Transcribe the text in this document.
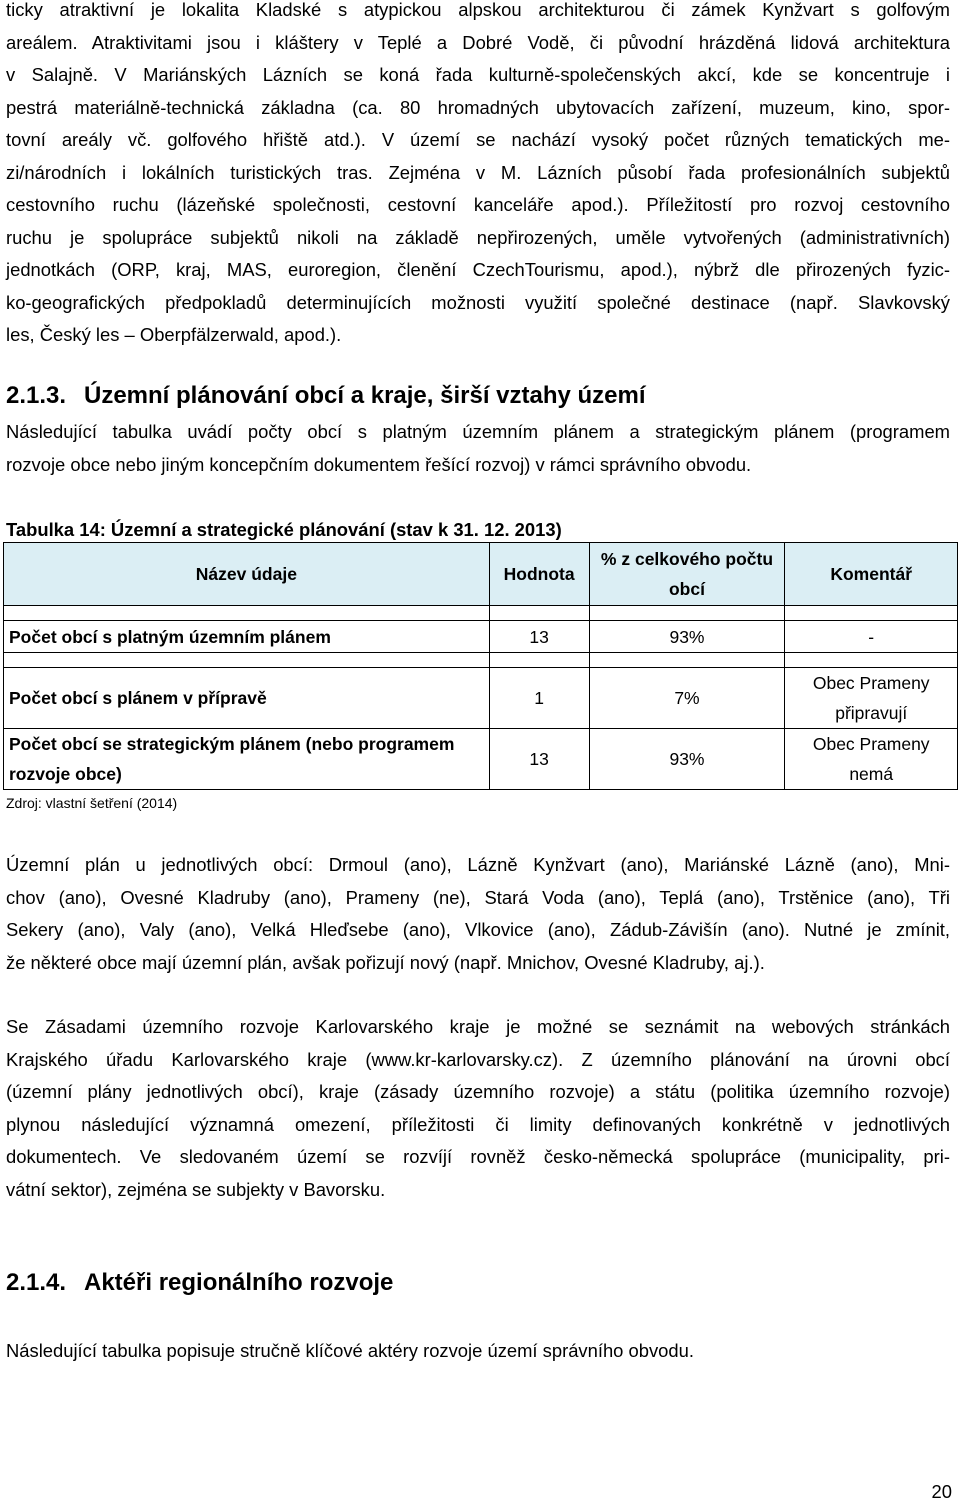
ticky atraktivní je lokalita Kladské s atypickou alpskou architekturou či zámek Kynžvart s golfovým
areálem. Atraktivitami jsou i kláštery v Teplé a Dobré Vodě, či původní hrázděná lidová architektura
v Salajně. V Mariánských Lázních se koná řada kulturně-společenských akcí, kde se koncentruje i
pestrá materiálně-technická základna (ca. 80 hromadných ubytovacích zařízení, muzeum, kino, spor-
tovní areály vč. golfového hřiště atd.). V území se nachází vysoký počet různých tematických me-
zi/národních i lokálních turistických tras. Zejména v M. Lázních působí řada profesionálních subjektů
cestovního ruchu (lázeňské společnosti, cestovní kanceláře apod.). Příležitostí pro rozvoj cestovního
ruchu je spolupráce subjektů nikoli na základě nepřirozených, uměle vytvořených (administrativních)
jednotkách (ORP, kraj, MAS, euroregion, členění CzechTourismu, apod.), nýbrž dle přirozených fyzic-
ko-geografických předpokladů determinujících možnosti využití společné destinace (např. Slavkovský
les, Český les – Oberpfälzerwald, apod.).
2.1.3. Územní plánování obcí a kraje, širší vztahy území
Následující tabulka uvádí počty obcí s platným územním plánem a strategickým plánem (programem
rozvoje obce nebo jiným koncepčním dokumentem řešící rozvoj) v rámci správního obvodu.

Tabulka 14: Územní a strategické plánování (stav k 31. 12. 2013)

Název údaje	Hodnota	% z celkového počtu
obcí	Komentář

Počet obcí s platným územním plánem	13	93%	-

Počet obcí s plánem v přípravě	1	7%	Obec Prameny
připravují

Počet obcí se strategickým plánem (nebo programem
rozvoje obce)	13	93%	Obec Prameny
nemá
Zdroj: vlastní šetření (2014)
Územní plán u jednotlivých obcí: Drmoul (ano), Lázně Kynžvart (ano), Mariánské Lázně (ano), Mni-
chov (ano), Ovesné Kladruby (ano), Prameny (ne), Stará Voda (ano), Teplá (ano), Trstěnice (ano), Tři
Sekery (ano), Valy (ano), Velká Hleďsebe (ano), Vlkovice (ano), Zádub-Závišín (ano). Nutné je zmínit,
že některé obce mají územní plán, avšak pořizují nový (např. Mnichov, Ovesné Kladruby, aj.).
Se Zásadami územního rozvoje Karlovarského kraje je možné se seznámit na webových stránkách
Krajského úřadu Karlovarského kraje (www.kr-karlovarsky.cz). Z územního plánování na úrovni obcí
(územní plány jednotlivých obcí), kraje (zásady územního rozvoje) a státu (politika územního rozvoje)
plynou následující významná omezení, příležitosti či limity definovaných konkrétně v jednotlivých
dokumentech. Ve sledovaném území se rozvíjí rovněž česko-německá spolupráce (municipality, pri-
vátní sektor), zejména se subjekty v Bavorsku.
2.1.4. Aktéři regionálního rozvoje
Následující tabulka popisuje stručně klíčové aktéry rozvoje území správního obvodu.
20
